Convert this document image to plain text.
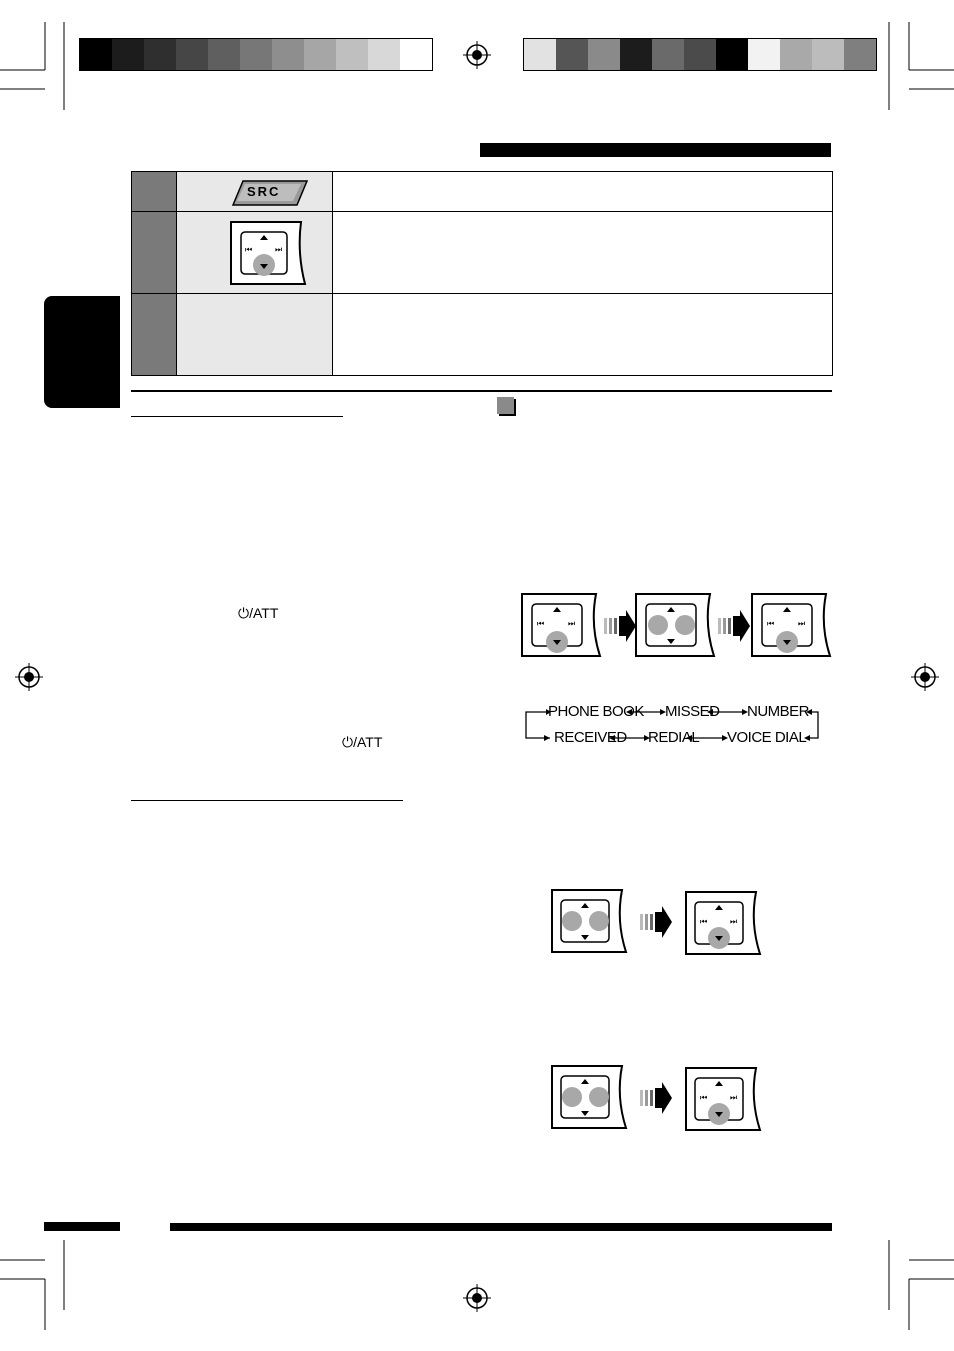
	SRC	

⏮ ⏭	

⏻/ATT
⏻/ATT
PHONE BOOK MISSED NUMBER
RECEIVED REDIAL VOICE DIAL
